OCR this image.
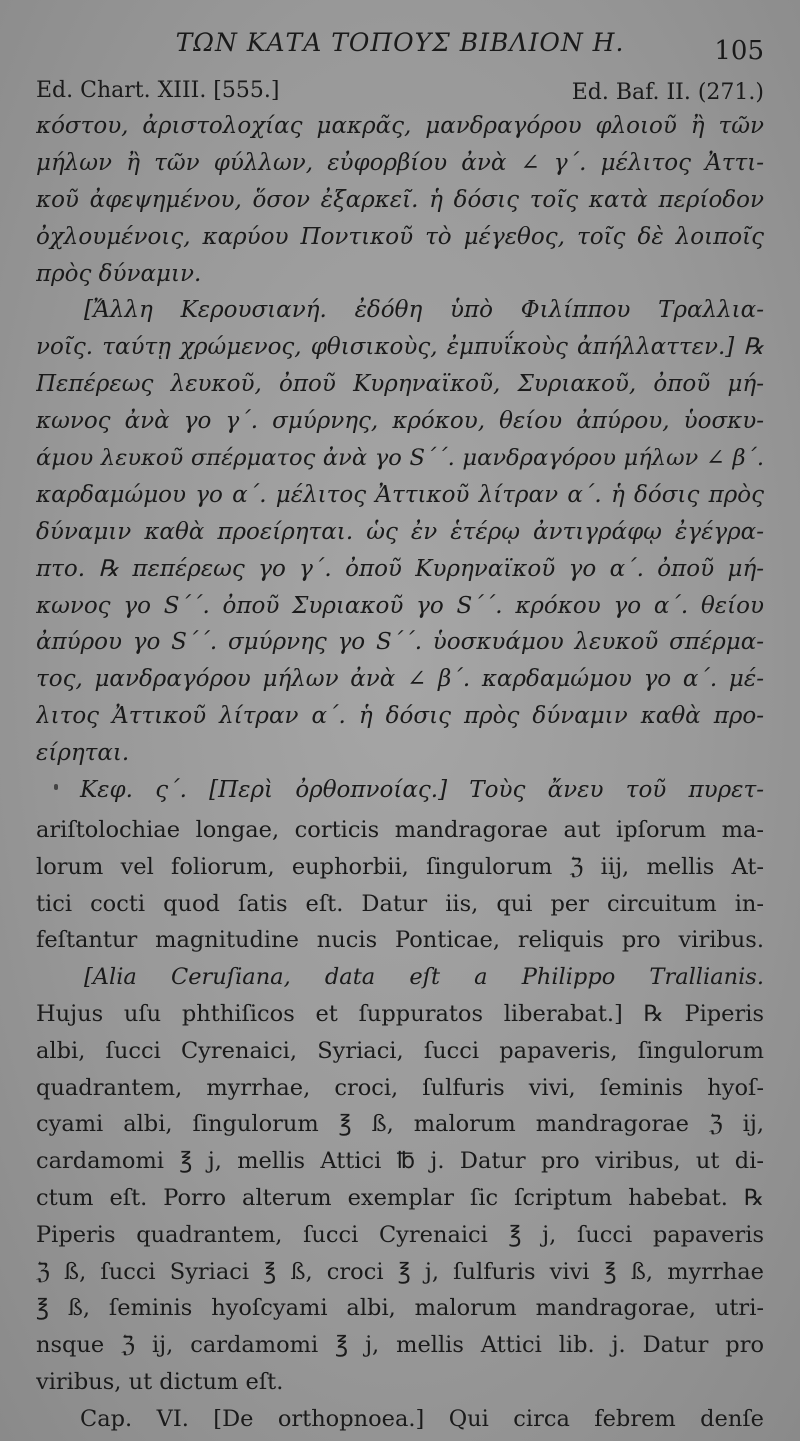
ΤΩΝ ΚΑΤΑ ΤΟΠΟΥΣ ΒΙΒΛΙΟΝ Η.	105
Ed. Chart. XIII. [555.]	Ed. Baf. II. (271.)
κόστου, ἀριστολοχίας μακρᾶς, μανδραγόρου φλοιοῦ ἢ τῶν
μήλων ἢ τῶν φύλλων, εὐφορβίου ἀνὰ ∠ γ΄. μέλιτος Ἀττι-
κοῦ ἀφεψημένου, ὅσον ἐξαρκεῖ. ἡ δόσις τοῖς κατὰ περίοδον
ὀχλουμένοις, καρύου Ποντικοῦ τὸ μέγεθος, τοῖς δὲ λοιποῖς
πρὸς δύναμιν.
[Ἄλλη Κερουσιανή. ἐδόθη ὑπὸ Φιλίππου Τραλλια-
νοῖς. ταύτῃ χρώμενος, φθισικοὺς, ἐμπυΐκοὺς ἀπήλλαττεν.] ℞
Πεπέρεως λευκοῦ, ὀποῦ Κυρηναϊκοῦ, Συριακοῦ, ὀποῦ μή-
κωνος ἀνὰ γο γ΄. σμύρνης, κρόκου, θείου ἀπύρου, ὑοσκυ-
άμου λευκοῦ σπέρματος ἀνὰ γο S΄΄. μανδραγόρου μήλων ∠ β΄.
καρδαμώμου γο α΄. μέλιτος Ἀττικοῦ λίτραν α΄. ἡ δόσις πρὸς
δύναμιν καθὰ προείρηται. ὡς ἐν ἑτέρῳ ἀντιγράφῳ ἐγέγρα-
πτο. ℞ πεπέρεως γο γ΄. ὀποῦ Κυρηναϊκοῦ γο α΄. ὀποῦ μή-
κωνος γο S΄΄. ὀποῦ Συριακοῦ γο S΄΄. κρόκου γο α΄. θείου
ἀπύρου γο S΄΄. σμύρνης γο S΄΄. ὑοσκυάμου λευκοῦ σπέρμα-
τος, μανδραγόρου μήλων ἀνὰ ∠ β΄. καρδαμώμου γο α΄. μέ-
λιτος Ἀττικοῦ λίτραν α΄. ἡ δόσις πρὸς δύναμιν καθὰ προ-
είρηται.
Κεφ. ς΄. [Περὶ ὀρθοπνοίας.] Τοὺς ἄνευ τοῦ πυρετ-
ariſtolochiae longae, corticis mandragorae aut ipſorum ma-
lorum vel foliorum, euphorbii, ſingulorum ℨ iij, mellis At-
tici cocti quod ſatis eſt. Datur iis, qui per circuitum in-
feſtantur magnitudine nucis Ponticae, reliquis pro viribus.
[Alia Ceruſiana, data eſt a Philippo Trallianis.
Hujus uſu phthiſicos et ſuppuratos liberabat.] ℞ Piperis
albi, ſucci Cyrenaici, Syriaci, ſucci papaveris, ſingulorum
quadrantem, myrrhae, croci, ſulfuris vivi, ſeminis hyoſ-
cyami albi, ſingulorum ℥ ß, malorum mandragorae ℨ ij,
cardamomi ℥ j, mellis Attici ℔ j. Datur pro viribus, ut di-
ctum eſt. Porro alterum exemplar ſic ſcriptum habebat. ℞
Piperis quadrantem, ſucci Cyrenaici ℥ j, ſucci papaveris
ℨ ß, ſucci Syriaci ℥ ß, croci ℥ j, ſulfuris vivi ℥ ß, myrrhae
℥ ß, ſeminis hyoſcyami albi, malorum mandragorae, utri-
nsque ℨ ij, cardamomi ℥ j, mellis Attici lib. j. Datur pro
viribus, ut dictum eſt.
Cap. VI. [De orthopnoea.] Qui circa febrem denſe
